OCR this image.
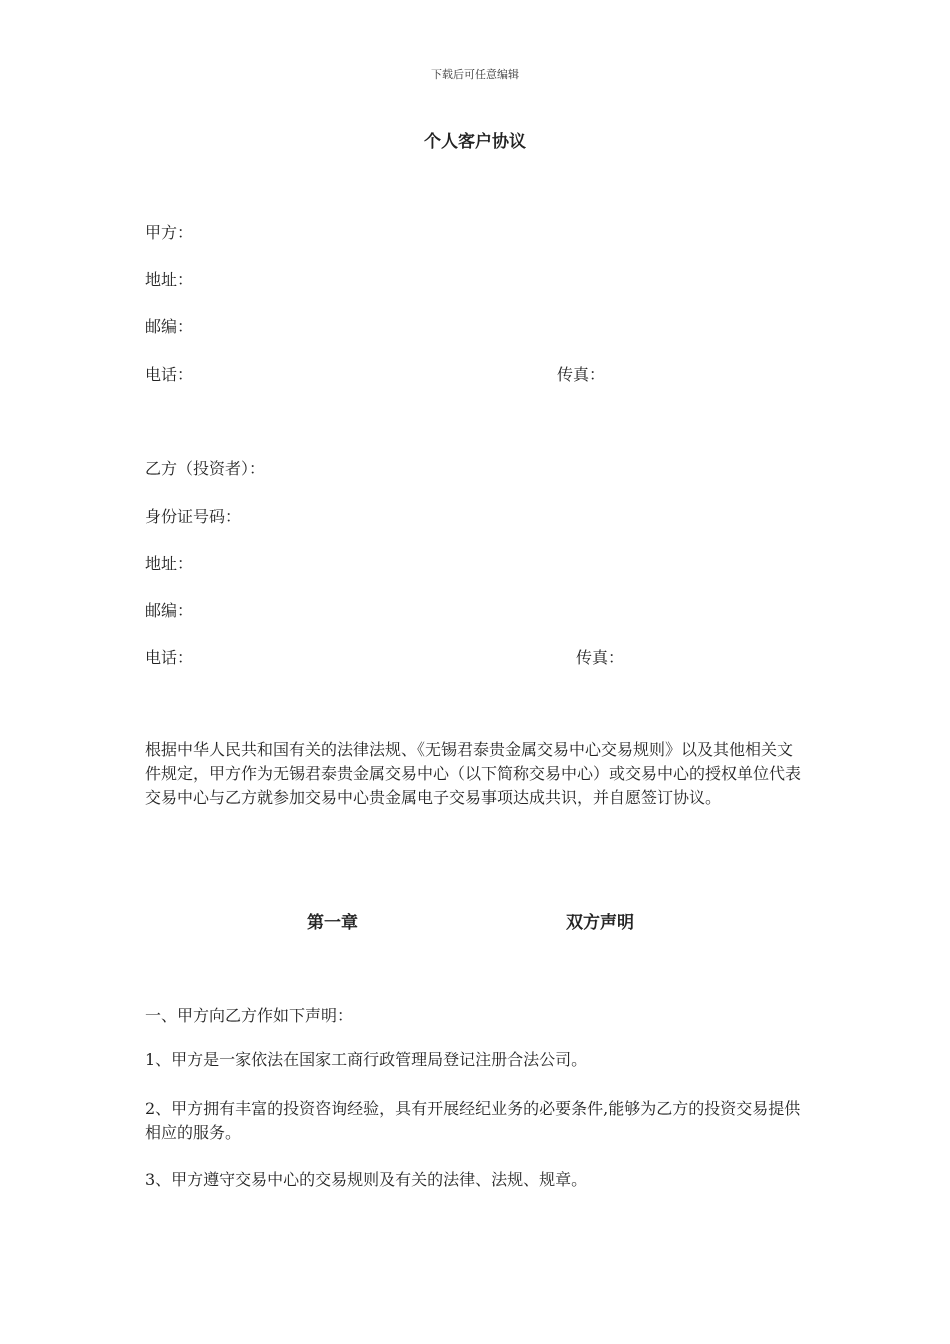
下载后可任意编辑
个人客户协议
甲方：
地址：
邮编：
电话：	传真：
乙方（投资者）：
身份证号码：
地址：
邮编：
电话：	传真：
根据中华人民共和国有关的法律法规、《无锡君泰贵金属交易中心交易规则》以及其他相关文件规定，甲方作为无锡君泰贵金属交易中心（以下简称交易中心）或交易中心的授权单位代表交易中心与乙方就参加交易中心贵金属电子交易事项达成共识，并自愿签订协议。
第一章	双方声明
一、甲方向乙方作如下声明：
1、甲方是一家依法在国家工商行政管理局登记注册合法公司。
2、甲方拥有丰富的投资咨询经验，具有开展经纪业务的必要条件,能够为乙方的投资交易提供相应的服务。
3、甲方遵守交易中心的交易规则及有关的法律、法规、规章。
